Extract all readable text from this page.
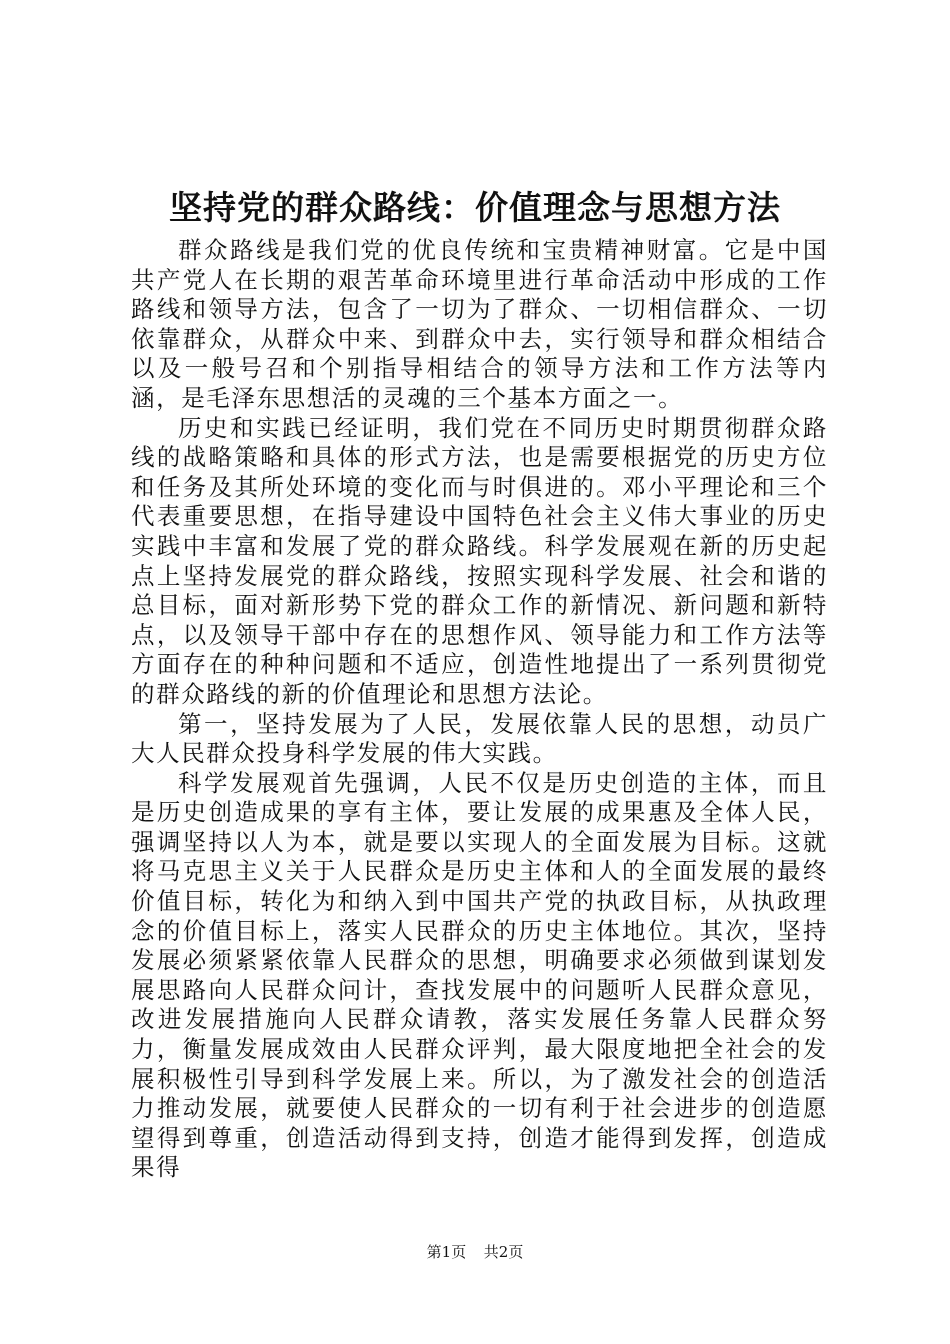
坚持党的群众路线：价值理念与思想方法

群众路线是我们党的优良传统和宝贵精神财富。它是中国共产党人在长期的艰苦革命环境里进行革命活动中形成的工作路线和领导方法，包含了一切为了群众、一切相信群众、一切依靠群众，从群众中来、到群众中去，实行领导和群众相结合以及一般号召和个别指导相结合的领导方法和工作方法等内涵，是毛泽东思想活的灵魂的三个基本方面之一。

历史和实践已经证明，我们党在不同历史时期贯彻群众路线的战略策略和具体的形式方法，也是需要根据党的历史方位和任务及其所处环境的变化而与时俱进的。邓小平理论和三个代表重要思想，在指导建设中国特色社会主义伟大事业的历史实践中丰富和发展了党的群众路线。科学发展观在新的历史起点上坚持发展党的群众路线，按照实现科学发展、社会和谐的总目标，面对新形势下党的群众工作的新情况、新问题和新特点，以及领导干部中存在的思想作风、领导能力和工作方法等方面存在的种种问题和不适应，创造性地提出了一系列贯彻党的群众路线的新的价值理论和思想方法论。

第一，坚持发展为了人民，发展依靠人民的思想，动员广大人民群众投身科学发展的伟大实践。

科学发展观首先强调，人民不仅是历史创造的主体，而且是历史创造成果的享有主体，要让发展的成果惠及全体人民，强调坚持以人为本，就是要以实现人的全面发展为目标。这就将马克思主义关于人民群众是历史主体和人的全面发展的最终价值目标，转化为和纳入到中国共产党的执政目标，从执政理念的价值目标上，落实人民群众的历史主体地位。其次，坚持发展必须紧紧依靠人民群众的思想，明确要求必须做到谋划发展思路向人民群众问计，查找发展中的问题听人民群众意见，改进发展措施向人民群众请教，落实发展任务靠人民群众努力，衡量发展成效由人民群众评判，最大限度地把全社会的发展积极性引导到科学发展上来。所以，为了激发社会的创造活力推动发展，就要使人民群众的一切有利于社会进步的创造愿望得到尊重，创造活动得到支持，创造才能得到发挥，创造成果得

第1页 共2页
